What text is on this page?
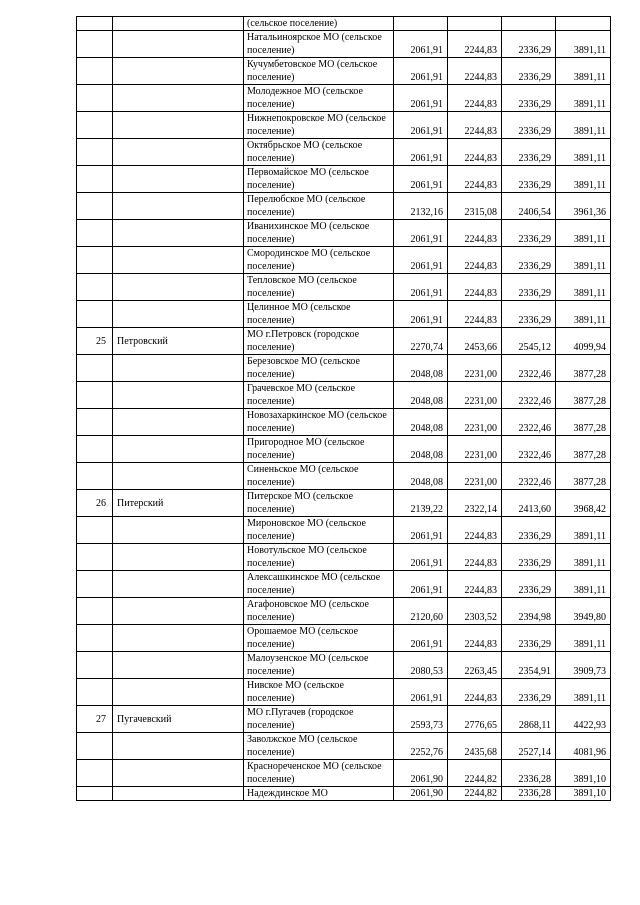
		(сельское поселение)				
		Натальиноярское МО (сельское поселение)	2061,91	2244,83	2336,29	3891,11
		Кучумбетовское МО (сельское поселение)	2061,91	2244,83	2336,29	3891,11
		Молодежное МО (сельское поселение)	2061,91	2244,83	2336,29	3891,11
		Нижнепокровское МО (сельское поселение)	2061,91	2244,83	2336,29	3891,11
		Октябрьское МО (сельское поселение)	2061,91	2244,83	2336,29	3891,11
		Первомайское МО (сельское поселение)	2061,91	2244,83	2336,29	3891,11
		Перелюбское МО (сельское поселение)	2132,16	2315,08	2406,54	3961,36
		Иванихинское МО (сельское поселение)	2061,91	2244,83	2336,29	3891,11
		Смородинское МО (сельское поселение)	2061,91	2244,83	2336,29	3891,11
		Тепловское МО (сельское поселение)	2061,91	2244,83	2336,29	3891,11
		Целинное МО (сельское поселение)	2061,91	2244,83	2336,29	3891,11
25	Петровский	МО г.Петровск (городское поселение)	2270,74	2453,66	2545,12	4099,94
		Березовское МО (сельское поселение)	2048,08	2231,00	2322,46	3877,28
		Грачевское МО (сельское поселение)	2048,08	2231,00	2322,46	3877,28
		Новозахаркинское МО (сельское поселение)	2048,08	2231,00	2322,46	3877,28
		Пригородное МО (сельское поселение)	2048,08	2231,00	2322,46	3877,28
		Синеньское МО (сельское поселение)	2048,08	2231,00	2322,46	3877,28
26	Питерский	Питерское МО (сельское поселение)	2139,22	2322,14	2413,60	3968,42
		Мироновское МО (сельское поселение)	2061,91	2244,83	2336,29	3891,11
		Новотульское МО (сельское поселение)	2061,91	2244,83	2336,29	3891,11
		Алексашкинское МО (сельское поселение)	2061,91	2244,83	2336,29	3891,11
		Агафоновское МО (сельское поселение)	2120,60	2303,52	2394,98	3949,80
		Орошаемое МО (сельское поселение)	2061,91	2244,83	2336,29	3891,11
		Малоузенское МО (сельское поселение)	2080,53	2263,45	2354,91	3909,73
		Нивское МО (сельское поселение)	2061,91	2244,83	2336,29	3891,11
27	Пугачевский	МО г.Пугачев (городское поселение)	2593,73	2776,65	2868,11	4422,93
		Заволжское МО (сельское поселение)	2252,76	2435,68	2527,14	4081,96
		Краснореченское МО (сельское поселение)	2061,90	2244,82	2336,28	3891,10
		Надеждинское МО	2061,90	2244,82	2336,28	3891,10
